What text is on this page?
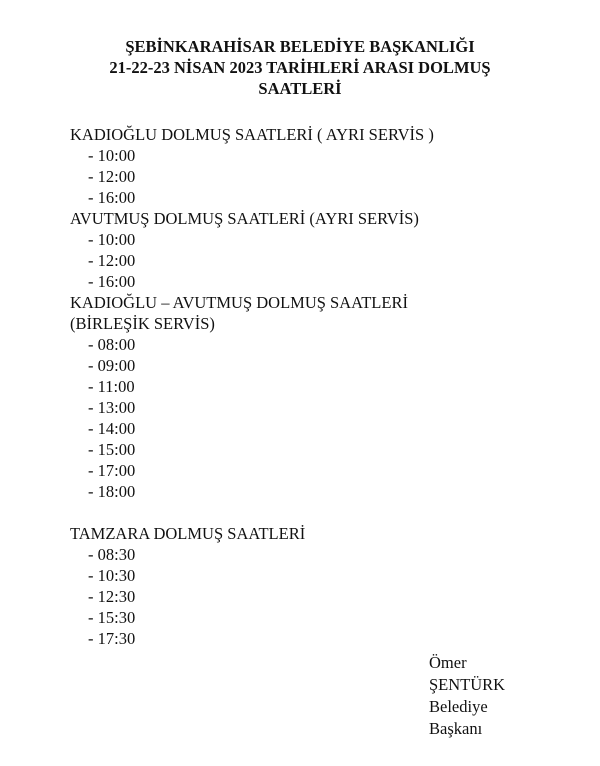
ŞEBİNKARAHİSAR BELEDİYE BAŞKANLIĞI
21-22-23 NİSAN 2023 TARİHLERİ ARASI DOLMUŞ
SAATLERİ
KADIOĞLU DOLMUŞ SAATLERİ ( AYRI SERVİS )
- 10:00
- 12:00
- 16:00
AVUTMUŞ DOLMUŞ SAATLERİ (AYRI SERVİS)
- 10:00
- 12:00
- 16:00
KADIOĞLU – AVUTMUŞ DOLMUŞ SAATLERİ
(BİRLEŞİK SERVİS)
- 08:00
- 09:00
- 11:00
- 13:00
- 14:00
- 15:00
- 17:00
- 18:00
TAMZARA DOLMUŞ SAATLERİ
- 08:30
- 10:30
- 12:30
- 15:30
- 17:30
Ömer
ŞENTÜRK
Belediye
Başkanı
